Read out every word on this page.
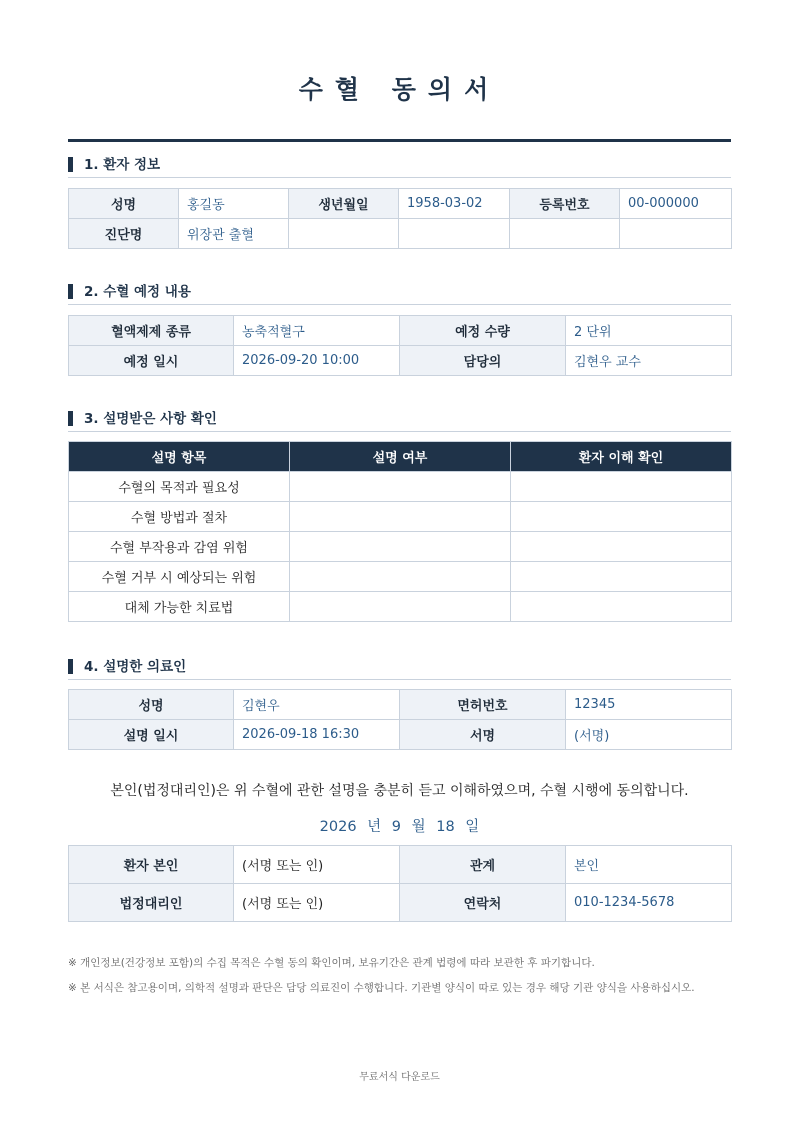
수혈 동의서
1. 환자 정보
성명	홍길동	생년월일	1958-03-02	등록번호	00-000000
진단명	위장관 출혈				
2. 수혈 예정 내용
혈액제제 종류	농축적혈구	예정 수량	2 단위
예정 일시	2026-09-20 10:00	담당의	김현우 교수
3. 설명받은 사항 확인
설명 항목	설명 여부	환자 이해 확인
수혈의 목적과 필요성		
수혈 방법과 절차		
수혈 부작용과 감염 위험		
수혈 거부 시 예상되는 위험		
대체 가능한 치료법		
4. 설명한 의료인
성명	김현우	면허번호	12345
설명 일시	2026-09-18 16:30	서명	(서명)
본인(법정대리인)은 위 수혈에 관한 설명을 충분히 듣고 이해하였으며, 수혈 시행에 동의합니다.
2026 년 9 월 18 일
환자 본인	(서명 또는 인)	관계	본인
법정대리인	(서명 또는 인)	연락처	010-1234-5678
※ 개인정보(건강정보 포함)의 수집 목적은 수혈 동의 확인이며, 보유기간은 관계 법령에 따라 보관한 후 파기합니다.
※ 본 서식은 참고용이며, 의학적 설명과 판단은 담당 의료진이 수행합니다. 기관별 양식이 따로 있는 경우 해당 기관 양식을 사용하십시오.
무료서식 다운로드
